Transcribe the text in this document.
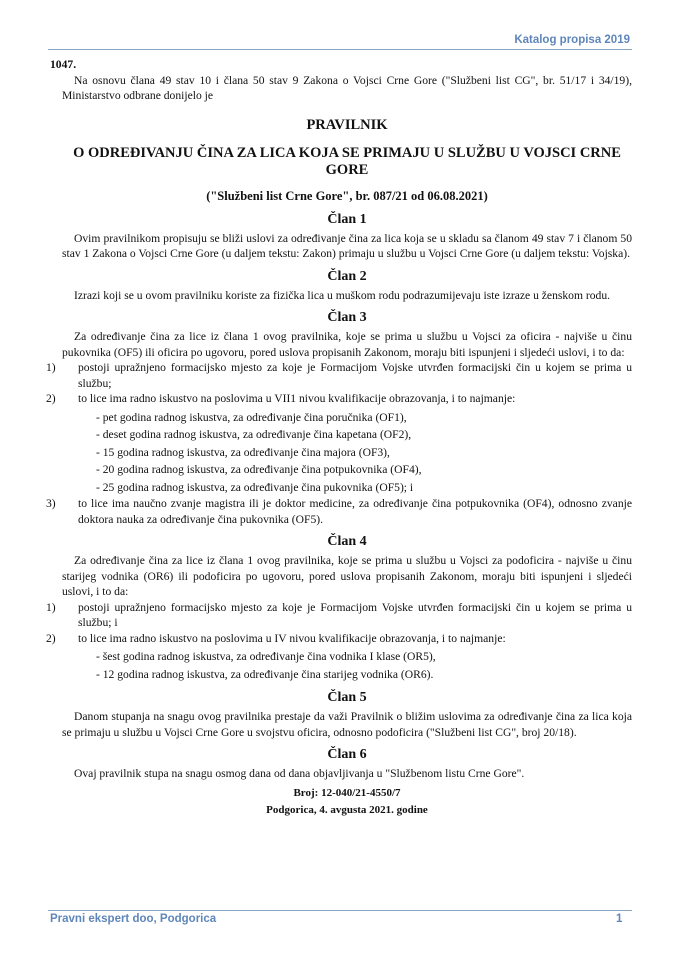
Katalog propisa 2019
1047.
Na osnovu člana 49 stav 10 i člana 50 stav 9 Zakona o Vojsci Crne Gore ("Službeni list CG", br. 51/17 i 34/19), Ministarstvo odbrane donijelo je
PRAVILNIK
O ODREĐIVANJU ČINA ZA LICA KOJA SE PRIMAJU U SLUŽBU U VOJSCI CRNE GORE
("Službeni list Crne Gore", br. 087/21 od 06.08.2021)
Član 1
Ovim pravilnikom propisuju se bliži uslovi za određivanje čina za lica koja se u skladu sa članom 49 stav 7 i članom 50 stav 1 Zakona o Vojsci Crne Gore (u daljem tekstu: Zakon) primaju u službu u Vojsci Crne Gore (u daljem tekstu: Vojska).
Član 2
Izrazi koji se u ovom pravilniku koriste za fizička lica u muškom rodu podrazumijevaju iste izraze u ženskom rodu.
Član 3
Za određivanje čina za lice iz člana 1 ovog pravilnika, koje se prima u službu u Vojsci za oficira - najviše u činu pukovnika (OF5) ili oficira po ugovoru, pored uslova propisanih Zakonom, moraju biti ispunjeni i sljedeći uslovi, i to da:
1) postoji upražnjeno formacijsko mjesto za koje je Formacijom Vojske utvrđen formacijski čin u kojem se prima u službu;
2) to lice ima radno iskustvo na poslovima u VII1 nivou kvalifikacije obrazovanja, i to najmanje:
- pet godina radnog iskustva, za određivanje čina poručnika (OF1),
- deset godina radnog iskustva, za određivanje čina kapetana (OF2),
- 15 godina radnog iskustva, za određivanje čina majora (OF3),
- 20 godina radnog iskustva, za određivanje čina potpukovnika (OF4),
- 25 godina radnog iskustva, za određivanje čina pukovnika (OF5); i
3) to lice ima naučno zvanje magistra ili je doktor medicine, za određivanje čina potpukovnika (OF4), odnosno zvanje doktora nauka za određivanje čina pukovnika (OF5).
Član 4
Za određivanje čina za lice iz člana 1 ovog pravilnika, koje se prima u službu u Vojsci za podoficira - najviše u činu starijeg vodnika (OR6) ili podoficira po ugovoru, pored uslova propisanih Zakonom, moraju biti ispunjeni i sljedeći uslovi, i to da:
1) postoji upražnjeno formacijsko mjesto za koje je Formacijom Vojske utvrđen formacijski čin u kojem se prima u službu; i
2) to lice ima radno iskustvo na poslovima u IV nivou kvalifikacije obrazovanja, i to najmanje:
- šest godina radnog iskustva, za određivanje čina vodnika I klase (OR5),
- 12 godina radnog iskustva, za određivanje čina starijeg vodnika (OR6).
Član 5
Danom stupanja na snagu ovog pravilnika prestaje da važi Pravilnik o bližim uslovima za određivanje čina za lica koja se primaju u službu u Vojsci Crne Gore u svojstvu oficira, odnosno podoficira ("Službeni list CG", broj 20/18).
Član 6
Ovaj pravilnik stupa na snagu osmog dana od dana objavljivanja u "Službenom listu Crne Gore".
Broj: 12-040/21-4550/7
Podgorica, 4. avgusta 2021. godine
Pravni ekspert doo, Podgorica	1
